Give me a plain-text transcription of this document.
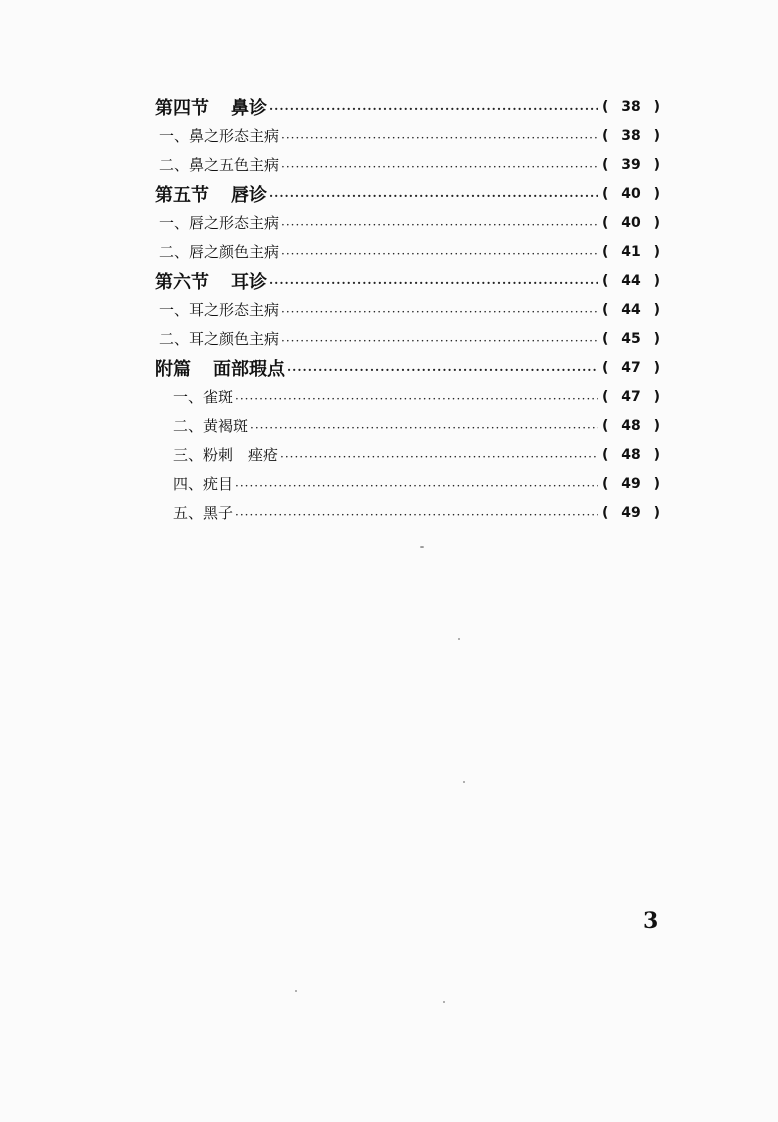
第四节 鼻诊 ·····	( 38 )
一、鼻之形态主病 ·····	( 38 )
二、鼻之五色主病 ·····	( 39 )
第五节 唇诊 ·····	( 40 )
一、唇之形态主病 ·····	( 40 )
二、唇之颜色主病 ·····	( 41 )
第六节 耳诊 ·····	( 44 )
一、耳之形态主病 ·····	( 44 )
二、耳之颜色主病 ·····	( 45 )
附篇 面部瑕点 ·····	( 47 )
一、雀斑 ·····	( 47 )
二、黄褐斑 ·····	( 48 )
三、粉刺　痤疮 ·····	( 48 )
四、疣目 ·····	( 49 )
五、黑子 ·····	( 49 )
3
